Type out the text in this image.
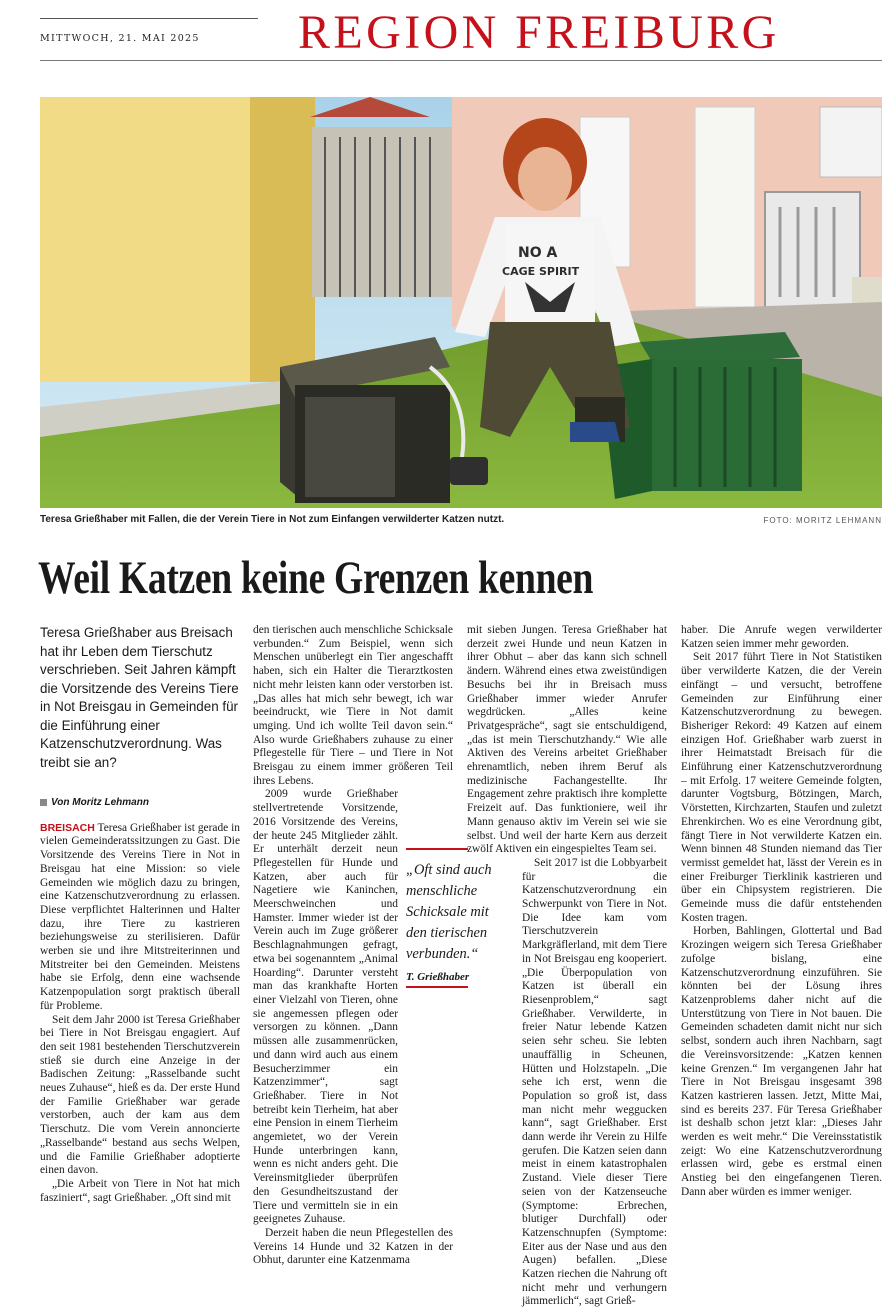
MITTWOCH, 21. MAI 2025 REGION FREIBURG
NO A
CAGE SPIRIT
Teresa Grießhaber mit Fallen, die der Verein Tiere in Not zum Einfangen verwilderter Katzen nutzt.	FOTO: MORITZ LEHMANN
Weil Katzen keine Grenzen kennen
Teresa Grießhaber aus Breisach hat ihr Leben dem Tierschutz verschrieben. Seit Jahren kämpft die Vorsitzende des Vereins Tiere in Not Breisgau in Gemeinden für die Einführung einer Katzenschutzverordnung. Was treibt sie an?
Von Moritz Lehmann

BREISACH Teresa Grießhaber ist gerade in vielen Gemeinderatssitzungen zu Gast. Die Vorsitzende des Vereins Tiere in Not in Breisgau hat eine Mission: so viele Gemeinden wie möglich dazu zu bringen, eine Katzenschutzverordnung zu erlassen. Diese verpflichtet Halterinnen und Halter dazu, ihre Tiere zu kastrieren beziehungsweise zu sterilisieren. Dafür werben sie und ihre Mitstreiterinnen und Mitstreiter bei den Gemeinden. Meistens habe sie Erfolg, denn eine wachsende Katzenpopulation sorgt praktisch überall für Probleme.

Seit dem Jahr 2000 ist Teresa Grießhaber bei Tiere in Not Breisgau engagiert. Auf den seit 1981 bestehenden Tierschutzverein stieß sie durch eine Anzeige in der Badischen Zeitung: „Rasselbande sucht neues Zuhause“, hieß es da. Der erste Hund der Familie Grießhaber war gerade verstorben, auch der kam aus dem Tierschutz. Die vom Verein annoncierte „Rasselbande“ bestand aus sechs Welpen, und die Familie Grießhaber adoptierte einen davon.

„Die Arbeit von Tiere in Not hat mich fasziniert“, sagt Grießhaber. „Oft sind mit

den tierischen auch menschliche Schicksale verbunden.“ Zum Beispiel, wenn sich Menschen unüberlegt ein Tier angeschafft haben, sich ein Halter die Tierarztkosten nicht mehr leisten kann oder verstorben ist. „Das alles hat mich sehr bewegt, ich war beeindruckt, wie Tiere in Not damit umging. Und ich wollte Teil davon sein.“ Also wurde Grießhabers zuhause zu einer Pflegestelle für Tiere – und Tiere in Not Breisgau zu einem immer größeren Teil ihres Lebens.

2009 wurde Grießhaber stellvertretende Vorsitzende, 2016 Vorsitzende des Vereins, der heute 245 Mitglieder zählt. Er unterhält derzeit neun Pflegestellen für Hunde und Katzen, aber auch für Nagetiere wie Kaninchen, Meerschweinchen und Hamster. Immer wieder ist der Verein auch im Zuge größerer Beschlagnahmungen gefragt, etwa bei sogenanntem „Animal Hoarding“. Darunter versteht man das krankhafte Horten einer Vielzahl von Tieren, ohne sie angemessen pflegen oder versorgen zu können. „Dann müssen alle zusammenrücken, und dann wird auch aus einem Besucherzimmer ein Katzenzimmer“, sagt Grießhaber. Tiere in Not betreibt kein Tierheim, hat aber eine Pension in einem Tierheim angemietet, wo der Verein Hunde unterbringen kann, wenn es nicht anders geht. Die Vereinsmitglieder überprüfen den Gesundheitszustand der Tiere und vermitteln sie in ein geeignetes Zuhause.

Derzeit haben die neun Pflegestellen des Vereins 14 Hunde und 32 Katzen in der Obhut, darunter eine Katzenmama

„Oft sind auch menschliche Schicksale mit den tierischen verbunden.“
T. Grießhaber

mit sieben Jungen. Teresa Grießhaber hat derzeit zwei Hunde und neun Katzen in ihrer Obhut – aber das kann sich schnell ändern. Während eines etwa zweistündigen Besuchs bei ihr in Breisach muss Grießhaber immer wieder Anrufer wegdrücken. „Alles keine Privatgespräche“, sagt sie entschuldigend, „das ist mein Tierschutzhandy.“ Wie alle Aktiven des Vereins arbeitet Grießhaber ehrenamtlich, neben ihrem Beruf als medizinische Fachangestellte. Ihr Engagement zehre praktisch ihre komplette Freizeit auf. Das funktioniere, weil ihr Mann genauso aktiv im Verein sei wie sie selbst. Und weil der harte Kern aus derzeit zwölf Aktiven ein eingespieltes Team sei.

Seit 2017 ist die Lobbyarbeit für die Katzenschutzverordnung ein Schwerpunkt von Tiere in Not. Die Idee kam vom Tierschutzverein Markgräflerland, mit dem Tiere in Not Breisgau eng kooperiert. „Die Überpopulation von Katzen ist überall ein Riesenproblem,“ sagt Grießhaber. Verwilderte, in freier Natur lebende Katzen seien sehr scheu. Sie lebten unauffällig in Scheunen, Hütten und Holzstapeln. „Die sehe ich erst, wenn die Population so groß ist, dass man nicht mehr weggucken kann“, sagt Grießhaber. Erst dann werde ihr Verein zu Hilfe gerufen. Die Katzen seien dann meist in einem katastrophalen Zustand. Viele dieser Tiere seien von der Katzenseuche (Symptome: Erbrechen, blutiger Durchfall) oder Katzenschnupfen (Symptome: Eiter aus der Nase und aus den Augen) befallen. „Diese Katzen riechen die Nahrung oft nicht mehr und verhungern jämmerlich“, sagt Grieß-

haber. Die Anrufe wegen verwilderter Katzen seien immer mehr geworden.

Seit 2017 führt Tiere in Not Statistiken über verwilderte Katzen, die der Verein einfängt – und versucht, betroffene Gemeinden zur Einführung einer Katzenschutzverordnung zu bewegen. Bisheriger Rekord: 49 Katzen auf einem einzigen Hof. Grießhaber warb zuerst in ihrer Heimatstadt Breisach für die Einführung einer Katzenschutzverordnung – mit Erfolg. 17 weitere Gemeinde folgten, darunter Vogtsburg, Bötzingen, March, Vörstetten, Kirchzarten, Staufen und zuletzt Ehrenkirchen. Wo es eine Verordnung gibt, fängt Tiere in Not verwilderte Katzen ein. Wenn binnen 48 Stunden niemand das Tier vermisst gemeldet hat, lässt der Verein es in einer Freiburger Tierklinik kastrieren und über ein Chipsystem registrieren. Die Gemeinde muss die dafür entstehenden Kosten tragen.

Horben, Bahlingen, Glottertal und Bad Krozingen weigern sich Teresa Grießhaber zufolge bislang, eine Katzenschutzverordnung einzuführen. Sie könnten bei der Lösung ihres Katzenproblems daher nicht auf die Unterstützung von Tiere in Not bauen. Die Gemeinden schadeten damit nicht nur sich selbst, sondern auch ihren Nachbarn, sagt die Vereinsvorsitzende: „Katzen kennen keine Grenzen.“ Im vergangenen Jahr hat Tiere in Not Breisgau insgesamt 398 Katzen kastrieren lassen. Jetzt, Mitte Mai, sind es bereits 237. Für Teresa Grießhaber ist deshalb schon jetzt klar: „Dieses Jahr werden es weit mehr.“ Die Vereinsstatistik zeigt: Wo eine Katzenschutzverordnung erlassen wird, gebe es erstmal einen Anstieg bei den eingefangenen Tieren. Dann aber würden es immer weniger.
